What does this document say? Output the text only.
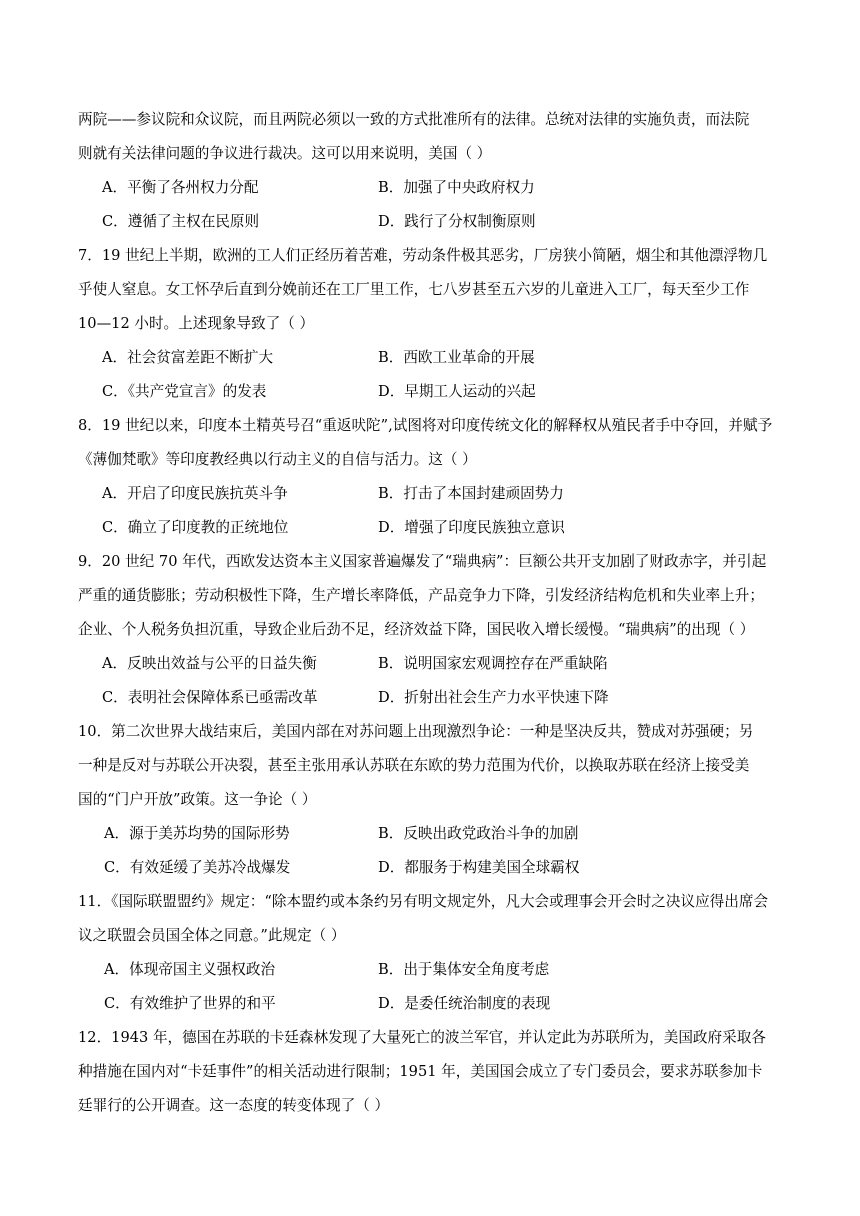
两院——参议院和众议院，而且两院必须以一致的方式批准所有的法律。总统对法律的实施负责，而法院
则就有关法律问题的争议进行裁决。这可以用来说明，美国（ ）
A．平衡了各州权力分配	B．加强了中央政府权力
C．遵循了主权在民原则	D．践行了分权制衡原则
7．19 世纪上半期，欧洲的工人们正经历着苦难，劳动条件极其恶劣，厂房狭小简陋，烟尘和其他漂浮物几
乎使人窒息。女工怀孕后直到分娩前还在工厂里工作，七八岁甚至五六岁的儿童进入工厂，每天至少工作
10—12 小时。上述现象导致了（ ）
A．社会贫富差距不断扩大	B．西欧工业革命的开展
C．《共产党宣言》的发表	D．早期工人运动的兴起
8．19 世纪以来，印度本土精英号召“重返吠陀”,试图将对印度传统文化的解释权从殖民者手中夺回，并赋予
《薄伽梵歌》等印度教经典以行动主义的自信与活力。这（ ）
A．开启了印度民族抗英斗争	B．打击了本国封建顽固势力
C．确立了印度教的正统地位	D．增强了印度民族独立意识
9．20 世纪 70 年代，西欧发达资本主义国家普遍爆发了“瑞典病”：巨额公共开支加剧了财政赤字，并引起
严重的通货膨胀；劳动积极性下降，生产增长率降低，产品竞争力下降，引发经济结构危机和失业率上升；
企业、个人税务负担沉重，导致企业后劲不足，经济效益下降，国民收入增长缓慢。“瑞典病”的出现（ ）
A．反映出效益与公平的日益失衡	B．说明国家宏观调控存在严重缺陷
C．表明社会保障体系已亟需改革	D．折射出社会生产力水平快速下降
10．第二次世界大战结束后，美国内部在对苏问题上出现激烈争论：一种是坚决反共，赞成对苏强硬；另
一种是反对与苏联公开决裂，甚至主张用承认苏联在东欧的势力范围为代价，以换取苏联在经济上接受美
国的“门户开放”政策。这一争论（ ）
A．源于美苏均势的国际形势	B．反映出政党政治斗争的加剧
C．有效延缓了美苏冷战爆发	D．都服务于构建美国全球霸权
11．《国际联盟盟约》规定：“除本盟约或本条约另有明文规定外，凡大会或理事会开会时之决议应得出席会
议之联盟会员国全体之同意。”此规定（ ）
A．体现帝国主义强权政治	B．出于集体安全角度考虑
C．有效维护了世界的和平	D．是委任统治制度的表现
12．1943 年，德国在苏联的卡廷森林发现了大量死亡的波兰军官，并认定此为苏联所为，美国政府采取各
种措施在国内对“卡廷事件”的相关活动进行限制；1951 年，美国国会成立了专门委员会，要求苏联参加卡
廷罪行的公开调查。这一态度的转变体现了（ ）
